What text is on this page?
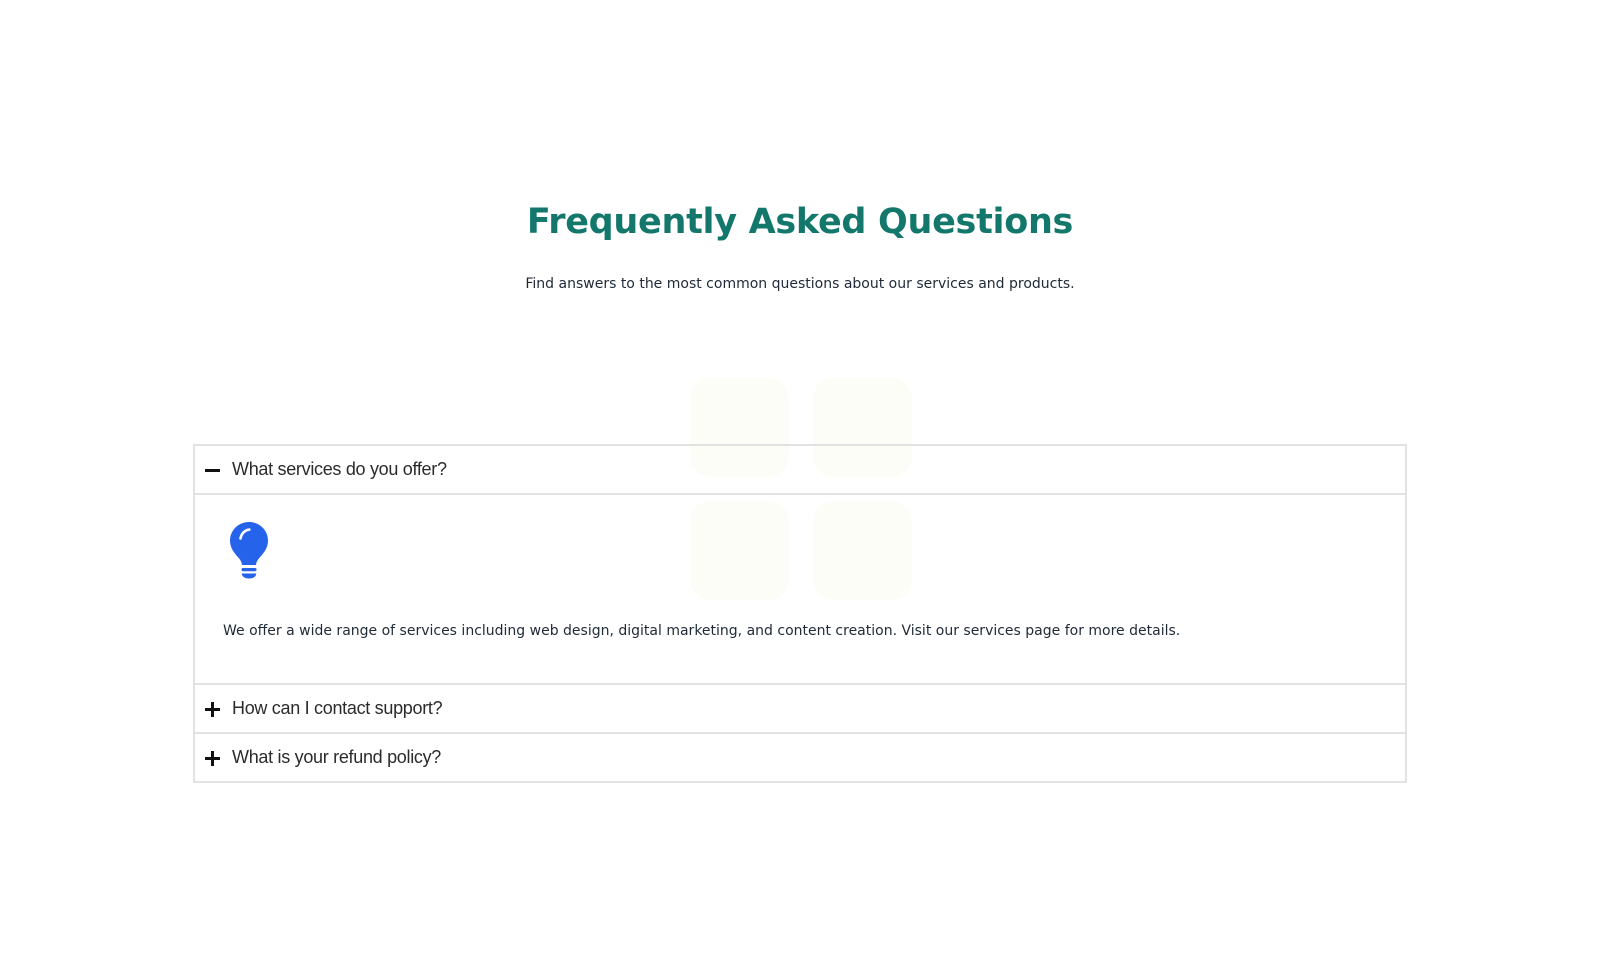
Frequently Asked Questions

Find answers to the most common questions about our services and products.

What services do you offer?

We offer a wide range of services including web design, digital marketing, and content creation. Visit our services page for more details.

How can I contact support?
What is your refund policy?
